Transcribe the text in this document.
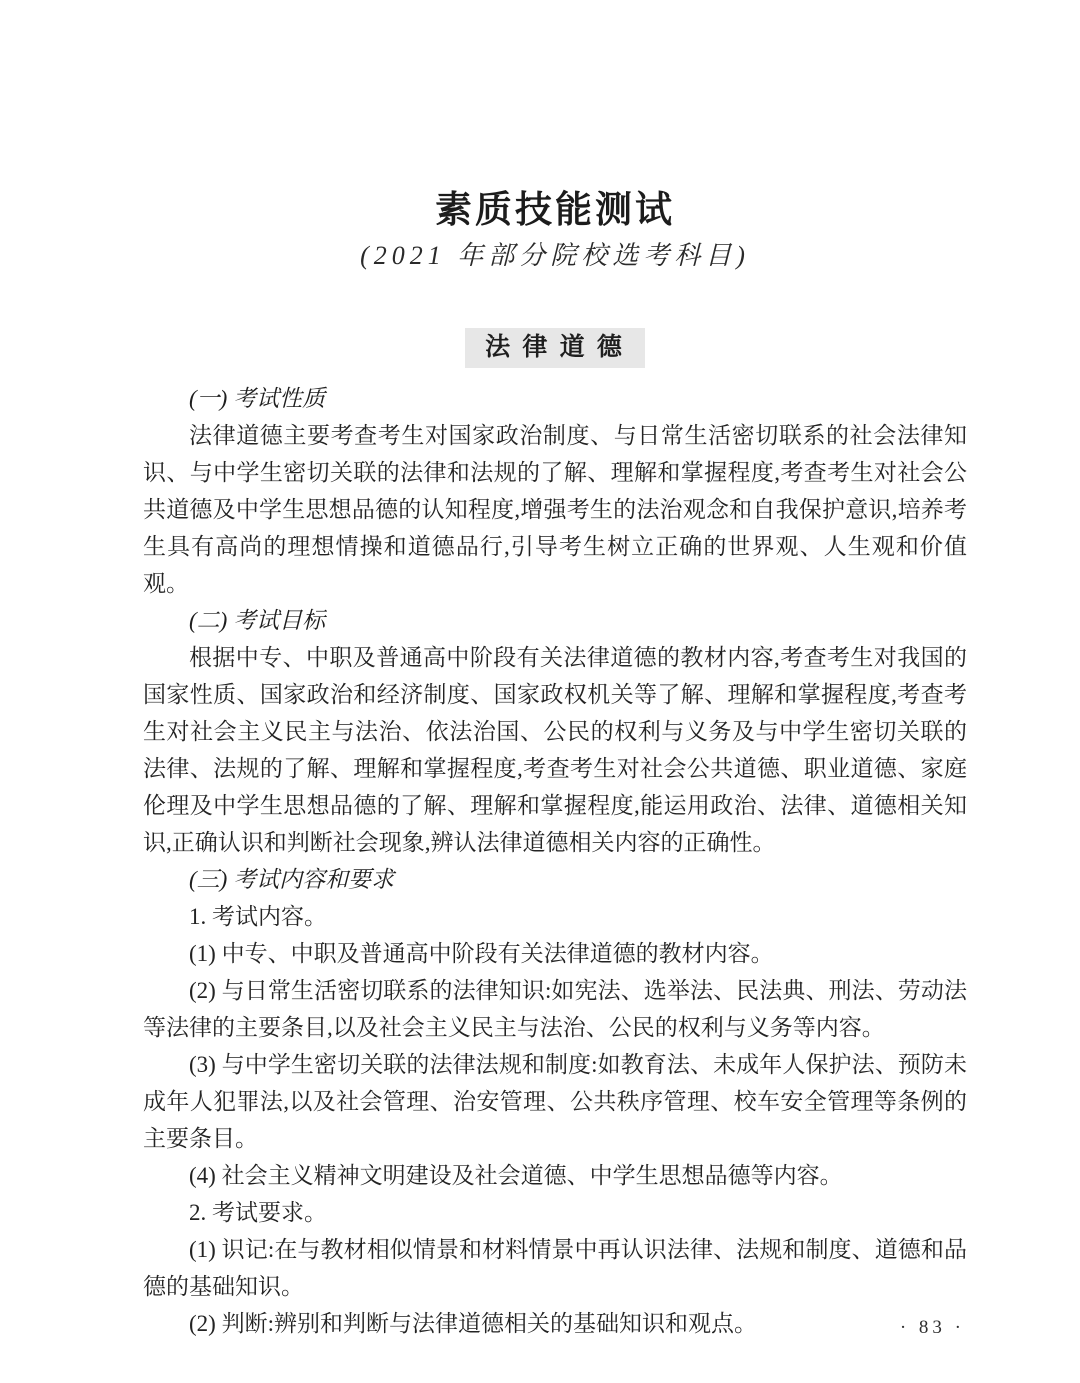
素质技能测试
(2021 年部分院校选考科目)
法 律 道 德

(一) 考试性质

法律道德主要考查考生对国家政治制度、与日常生活密切联系的社会法律知识、与中学生密切关联的法律和法规的了解、理解和掌握程度,考查考生对社会公共道德及中学生思想品德的认知程度,增强考生的法治观念和自我保护意识,培养考生具有高尚的理想情操和道德品行,引导考生树立正确的世界观、人生观和价值观。

(二) 考试目标

根据中专、中职及普通高中阶段有关法律道德的教材内容,考查考生对我国的国家性质、国家政治和经济制度、国家政权机关等了解、理解和掌握程度,考查考生对社会主义民主与法治、依法治国、公民的权利与义务及与中学生密切关联的法律、法规的了解、理解和掌握程度,考查考生对社会公共道德、职业道德、家庭伦理及中学生思想品德的了解、理解和掌握程度,能运用政治、法律、道德相关知识,正确认识和判断社会现象,辨认法律道德相关内容的正确性。

(三) 考试内容和要求

1. 考试内容。

(1) 中专、中职及普通高中阶段有关法律道德的教材内容。

(2) 与日常生活密切联系的法律知识:如宪法、选举法、民法典、刑法、劳动法等法律的主要条目,以及社会主义民主与法治、公民的权利与义务等内容。

(3) 与中学生密切关联的法律法规和制度:如教育法、未成年人保护法、预防未成年人犯罪法,以及社会管理、治安管理、公共秩序管理、校车安全管理等条例的主要条目。

(4) 社会主义精神文明建设及社会道德、中学生思想品德等内容。

2. 考试要求。

(1) 识记:在与教材相似情景和材料情景中再认识法律、法规和制度、道德和品德的基础知识。

(2) 判断:辨别和判断与法律道德相关的基础知识和观点。	· 83 ·
